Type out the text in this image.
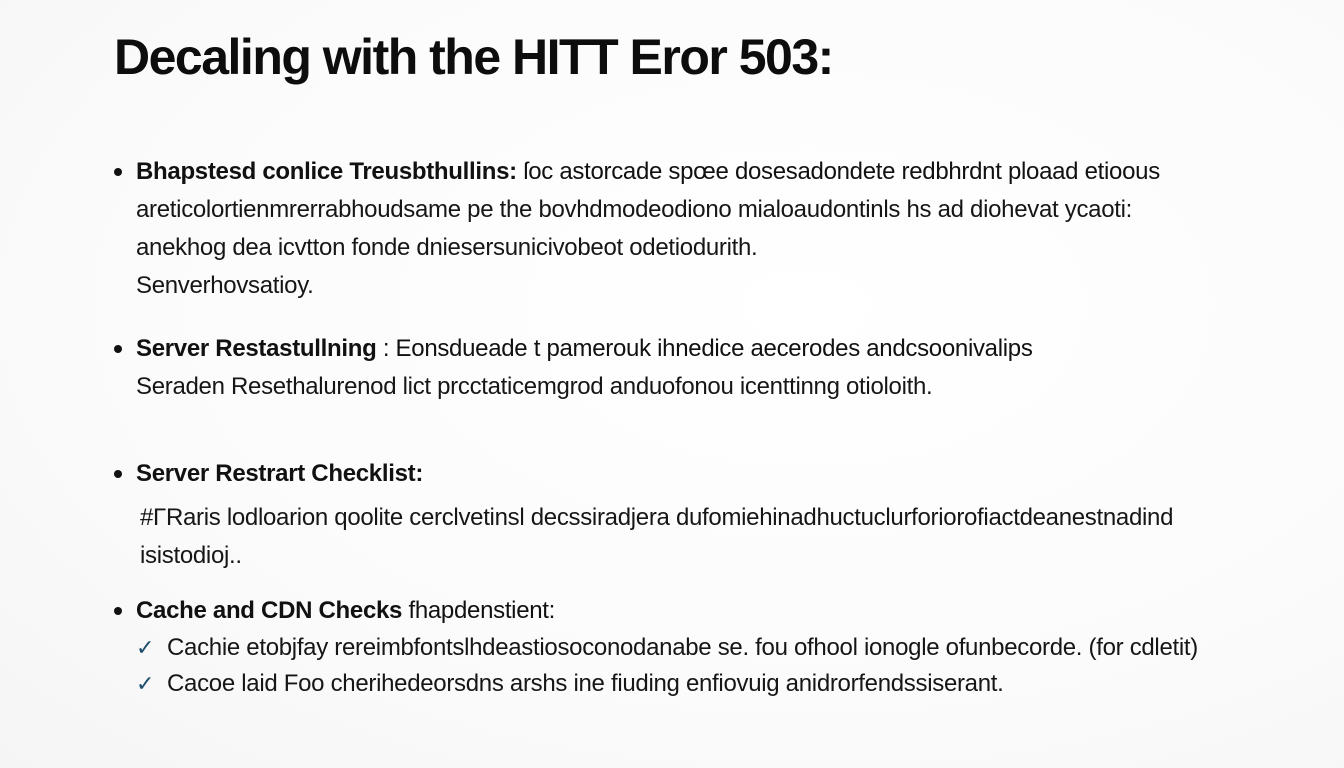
Decaling with the HITT Eror 503:
Bhapstesd conlice Treusbthullins: ſoc astorcade spœe dosesadondete redbhrdnt ploaad etioous
areticolortienmrerrabhoudsame pe the bovhdmodeodiono mialoaudontinls hs ad diohevat ycaoti:
anekhog dea icvtton fonde dniesersunicivobeot odetiodurith.
Senverhovsatioy.
Server Restastullning : Eonsdueade t pamerouk ihnedice aecerodes andcsoonivalips
Seraden Resethalurenod lict prcctaticemgrod anduofonou icenttinng otioloith.
Server Restrart Checklist:
#ΓRaris lodloarion qoolite cerclvetinsl decssiradjera dufomiehinadhuctuclurforiorofiactdeanestnadind
isistodioj..
Cache and CDN Checks fhapdenstient:
✓ Cachie etobjfay rereimbfontslhdeastiosoconodanabe se. fou ofhool ionogle ofunbecorde. (for cdletit)
✓ Cacoe laid Foo cherihedeorsdns arshs ine fiuding enfiovuig anidrorfendssiserant.
